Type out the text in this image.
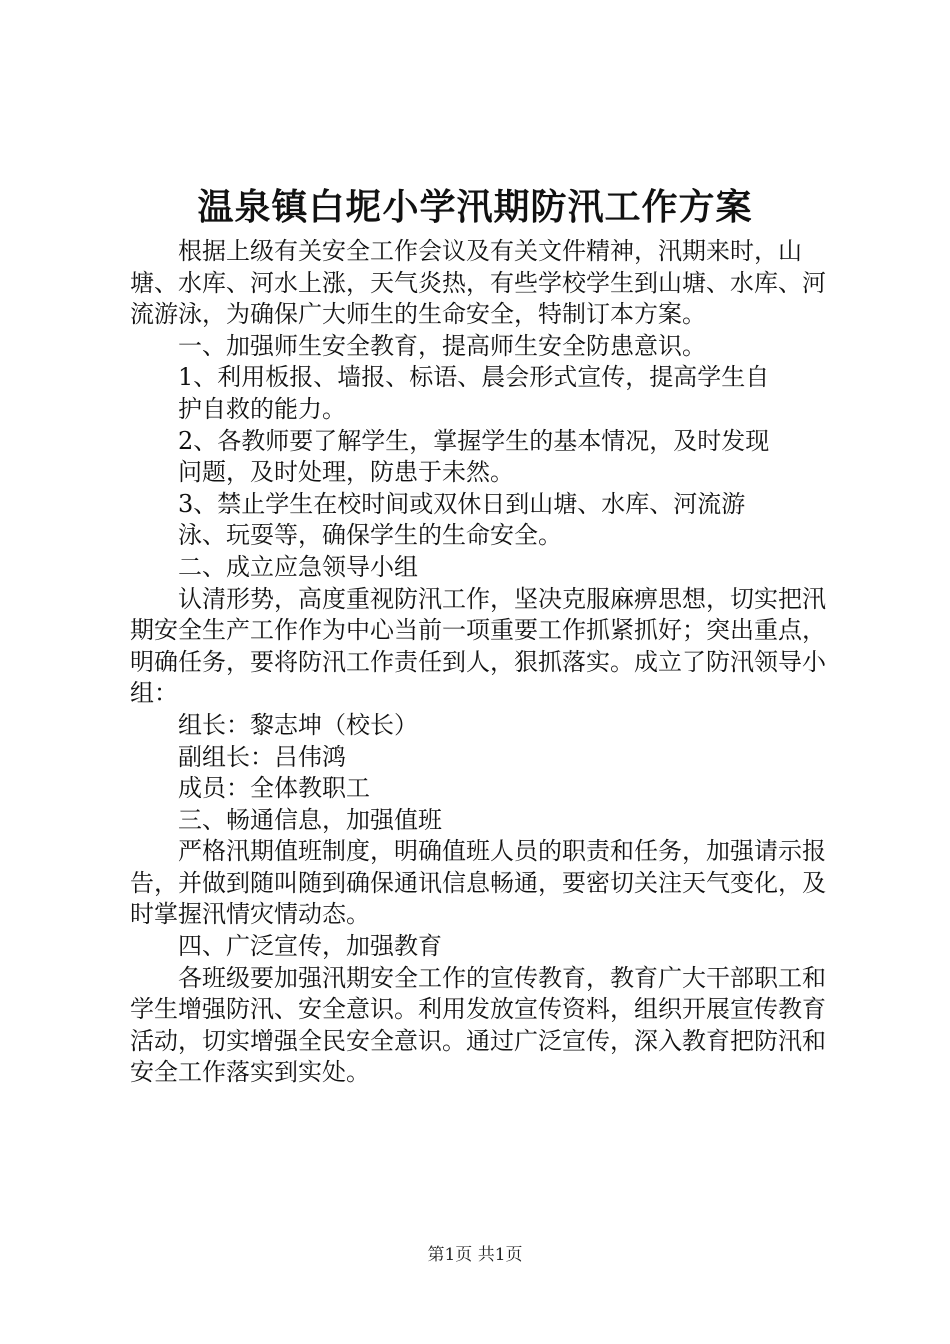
温泉镇白坭小学汛期防汛工作方案

根据上级有关安全工作会议及有关文件精神，汛期来时，山塘、水库、河水上涨，天气炎热，有些学校学生到山塘、水库、河流游泳，为确保广大师生的生命安全，特制订本方案。

一、加强师生安全教育，提高师生安全防患意识。

1、利用板报、墙报、标语、晨会形式宣传，提高学生自护自救的能力。

2、各教师要了解学生，掌握学生的基本情况，及时发现问题，及时处理，防患于未然。

3、禁止学生在校时间或双休日到山塘、水库、河流游泳、玩耍等，确保学生的生命安全。

二、成立应急领导小组

认清形势，高度重视防汛工作，坚决克服麻痹思想，切实把汛期安全生产工作作为中心当前一项重要工作抓紧抓好；突出重点，明确任务，要将防汛工作责任到人，狠抓落实。成立了防汛领导小组：

组长：黎志坤（校长）

副组长：吕伟鸿

成员：全体教职工

三、畅通信息，加强值班

严格汛期值班制度，明确值班人员的职责和任务，加强请示报告，并做到随叫随到确保通讯信息畅通，要密切关注天气变化，及时掌握汛情灾情动态。

四、广泛宣传，加强教育

各班级要加强汛期安全工作的宣传教育，教育广大干部职工和学生增强防汛、安全意识。利用发放宣传资料，组织开展宣传教育活动，切实增强全民安全意识。通过广泛宣传，深入教育把防汛和安全工作落实到实处。

第1页 共1页
